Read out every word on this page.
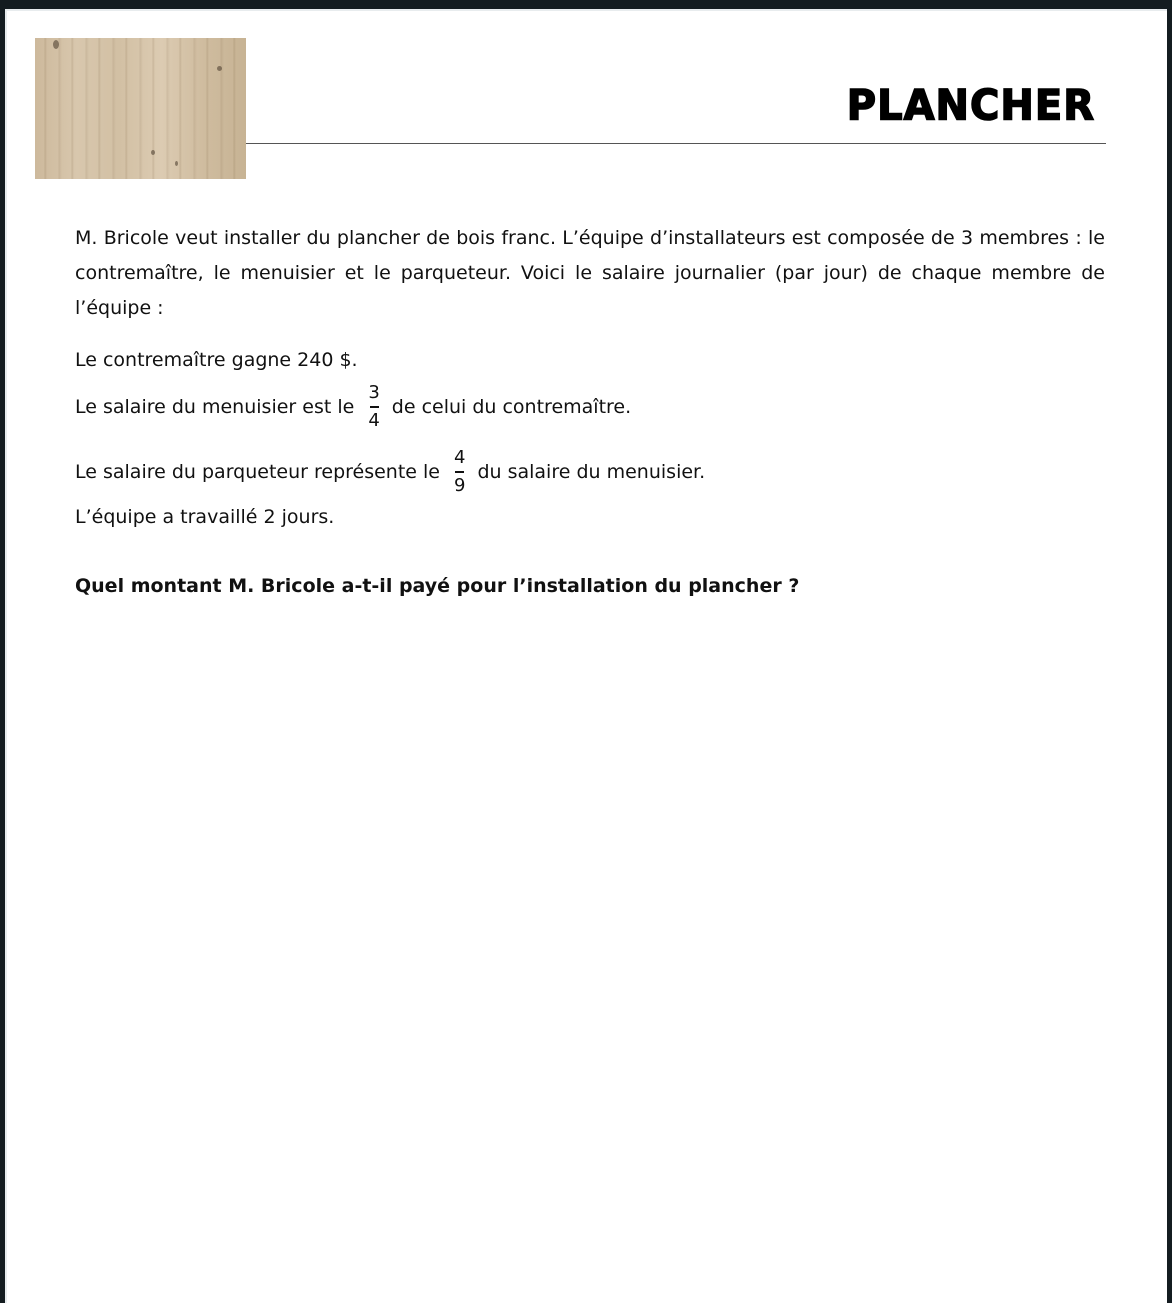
PLANCHER

M. Bricole veut installer du plancher de bois franc. L’équipe d’installateurs est composée de 3 membres : le contremaître, le menuisier et le parqueteur. Voici le salaire journalier (par jour) de chaque membre de l’équipe :

Le contremaître gagne 240 $.

Le salaire du menuisier est le $\frac{3}{4}$ de celui du contremaître.
Le salaire du parqueteur représente le $\frac{4}{9}$ du salaire du menuisier.

L’équipe a travaillé 2 jours.

Quel montant M. Bricole a-t-il payé pour l’installation du plancher ?
